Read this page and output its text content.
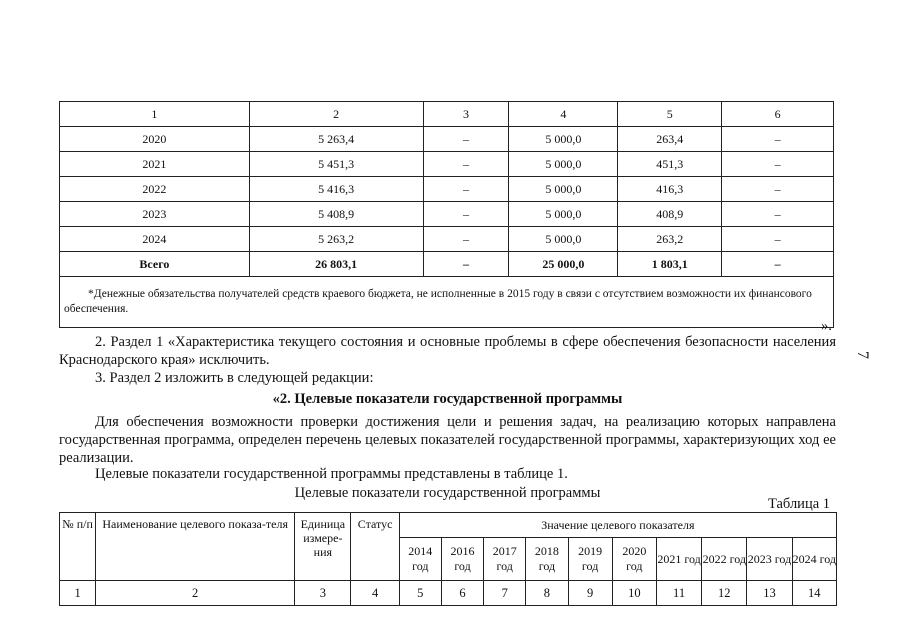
1	2	3	4	5	6
2020	5 263,4	–	5 000,0	263,4	–
2021	5 451,3	–	5 000,0	451,3	–
2022	5 416,3	–	5 000,0	416,3	–
2023	5 408,9	–	5 000,0	408,9	–
2024	5 263,2	–	5 000,0	263,2	–
Всего	26 803,1	–	25 000,0	1 803,1	–
*Денежные обязательства получателей средств краевого бюджета, не исполненные в 2015 году в связи с отсутствием возможности их финансового обеспечения.					
».
2. Раздел 1 «Характеристика текущего состояния и основные проблемы в сфере обеспечения безопасности населения Краснодарского края» исключить.
3. Раздел 2 изложить в следующей редакции:
«2. Целевые показатели государственной программы
Для обеспечения возможности проверки достижения цели и решения задач, на реализацию которых направлена государственная программа, определен перечень целевых показателей государственной программы, характеризующих ход ее реализации.
Целевые показатели государственной программы представлены в таблице 1.
Целевые показатели государственной программы
Таблица 1
№ п/п	Наименование целевого показа-теля	Единица измере-ния	Статус	Значение целевого показателя									
				2014 год	2016 год	2017 год	2018 год	2019 год	2020 год	2021 год	2022 год	2023 год	2024 год
1	2	3	4	5	6	7	8	9	10	11	12	13	14
7
